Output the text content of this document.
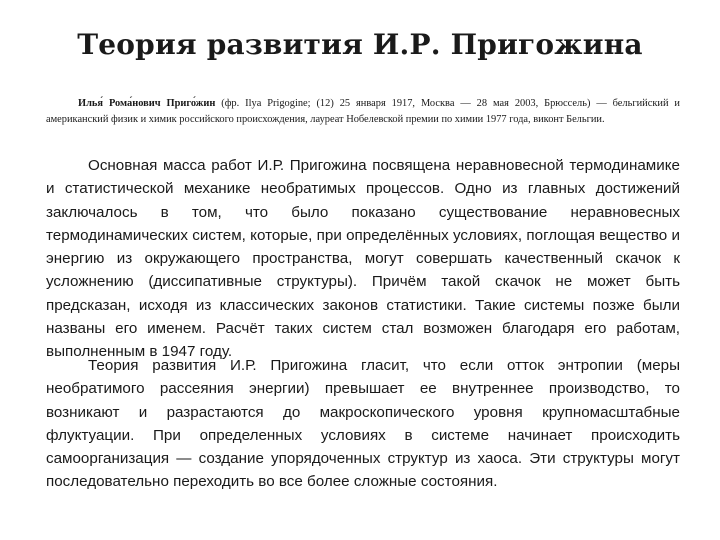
Теория развития И.Р. Пригожина

Илья́ Рома́нович Приго́жин (фр. Ilya Prigogine; (12) 25 января 1917, Москва — 28 мая 2003, Брюссель) — бельгийский и американский физик и химик российского происхождения, лауреат Нобелевской премии по химии 1977 года, виконт Бельгии.

Основная масса работ И.Р. Пригожина посвящена неравновесной термодинамике и статистической механике необратимых процессов. Одно из главных достижений заключалось в том, что было показано существование неравновесных термодинамических систем, которые, при определённых условиях, поглощая вещество и энергию из окружающего пространства, могут совершать качественный скачок к усложнению (диссипативные структуры). Причём такой скачок не может быть предсказан, исходя из классических законов статистики. Такие системы позже были названы его именем. Расчёт таких систем стал возможен благодаря его работам, выполненным в 1947 году.

Теория развития И.Р. Пригожина гласит, что если отток энтропии (меры необратимого рассеяния энергии) превышает ее внутреннее производство, то возникают и разрастаются до макроскопического уровня крупномасштабные флуктуации. При определенных условиях в системе начинает происходить самоорганизация — создание упорядоченных структур из хаоса. Эти структуры могут последовательно переходить во все более сложные состояния.
